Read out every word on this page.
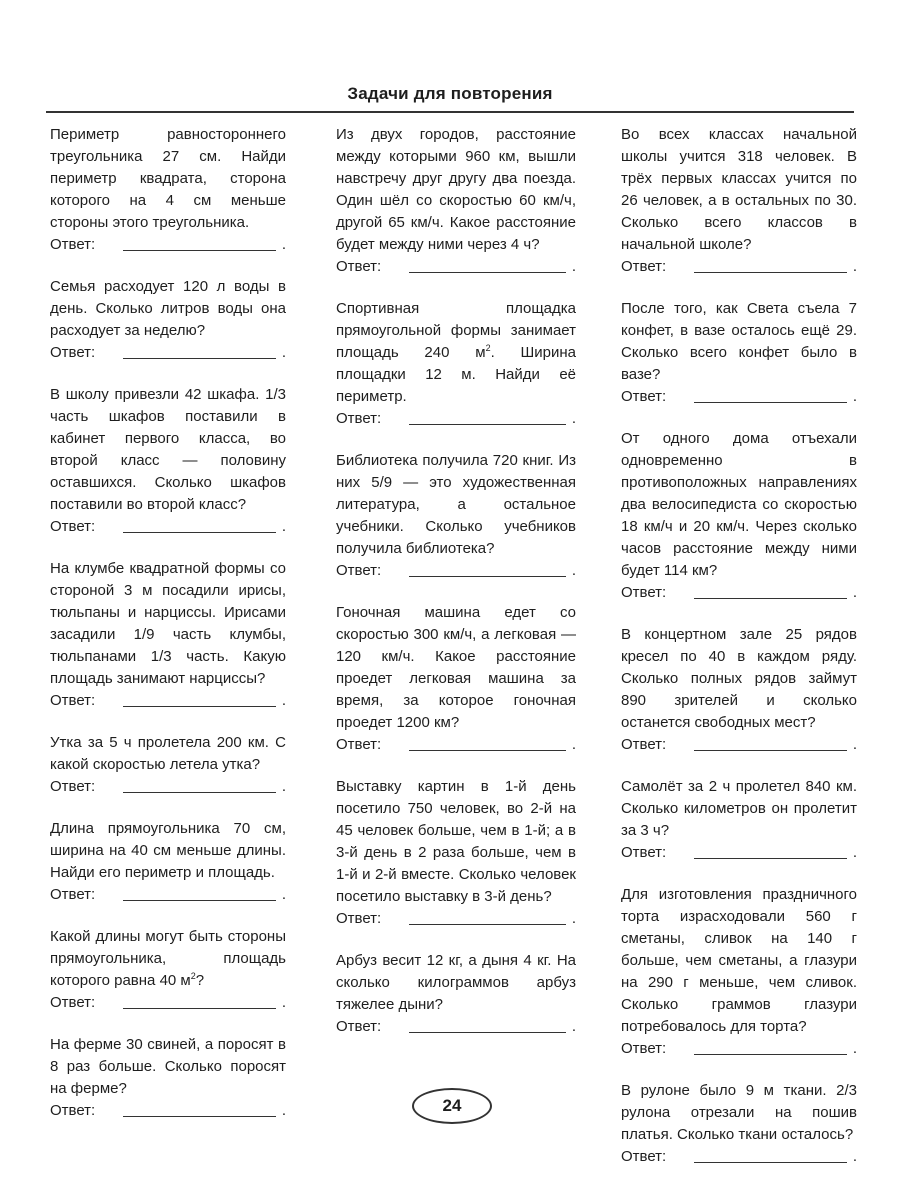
Задачи для повторения

Периметр равностороннего треугольника 27 см. Найди периметр квадрата, сторона которого на 4 см меньше стороны этого треугольника.

Ответ:	.

Семья расходует 120 л воды в день. Сколько литров воды она расходует за неделю?

Ответ:	.

В школу привезли 42 шкафа. 1/3 часть шкафов поставили в кабинет первого класса, во второй класс — половину оставшихся. Сколько шкафов поставили во второй класс?

Ответ:	.

На клумбе квадратной формы со стороной 3 м посадили ирисы, тюльпаны и нарциссы. Ирисами засадили 1/9 часть клумбы, тюльпанами 1/3 часть. Какую площадь занимают нарциссы?

Ответ:	.

Утка за 5 ч пролетела 200 км. С какой скоростью летела утка?

Ответ:	.

Длина прямоугольника 70 см, ширина на 40 см меньше длины. Найди его периметр и площадь.

Ответ:	.

Какой длины могут быть стороны прямоугольника, площадь которого равна 40 $м^2$?

Ответ:	.

На ферме 30 свиней, а поросят в 8 раз больше. Сколько поросят на ферме?

Ответ:	.

Из двух городов, расстояние между которыми 960 км, вышли навстречу друг другу два поезда. Один шёл со скоростью 60 км/ч, другой 65 км/ч. Какое расстояние будет между ними через 4 ч?

Ответ:	.

Спортивная площадка прямоугольной формы занимает площадь 240 $м^2$. Ширина площадки 12 м. Найди её периметр.

Ответ:	.

Библиотека получила 720 книг. Из них 5/9 — это художественная литература, а остальное учебники. Сколько учебников получила библиотека?

Ответ:	.

Гоночная машина едет со скоростью 300 км/ч, а легковая — 120 км/ч. Какое расстояние проедет легковая машина за время, за которое гоночная проедет 1200 км?

Ответ:	.

Выставку картин в 1-й день посетило 750 человек, во 2-й на 45 человек больше, чем в 1-й; а в 3-й день в 2 раза больше, чем в 1-й и 2-й вместе. Сколько человек посетило выставку в 3-й день?

Ответ:	.

Арбуз весит 12 кг, а дыня 4 кг. На сколько килограммов арбуз тяжелее дыни?

Ответ:	.

Во всех классах начальной школы учится 318 человек. В трёх первых классах учится по 26 человек, а в остальных по 30. Сколько всего классов в начальной школе?

Ответ:	.

После того, как Света съела 7 конфет, в вазе осталось ещё 29. Сколько всего конфет было в вазе?

Ответ:	.

От одного дома отъехали одновременно в противоположных направлениях два велосипедиста со скоростью 18 км/ч и 20 км/ч. Через сколько часов расстояние между ними будет 114 км?

Ответ:	.

В концертном зале 25 рядов кресел по 40 в каждом ряду. Сколько полных рядов займут 890 зрителей и сколько останется свободных мест?

Ответ:	.

Самолёт за 2 ч пролетел 840 км. Сколько километров он пролетит за 3 ч?

Ответ:	.

Для изготовления праздничного торта израсходовали 560 г сметаны, сливок на 140 г больше, чем сметаны, а глазури на 290 г меньше, чем сливок. Сколько граммов глазури потребовалось для торта?

Ответ:	.

В рулоне было 9 м ткани. 2/3 рулона отрезали на пошив платья. Сколько ткани осталось?

Ответ:	.
24
